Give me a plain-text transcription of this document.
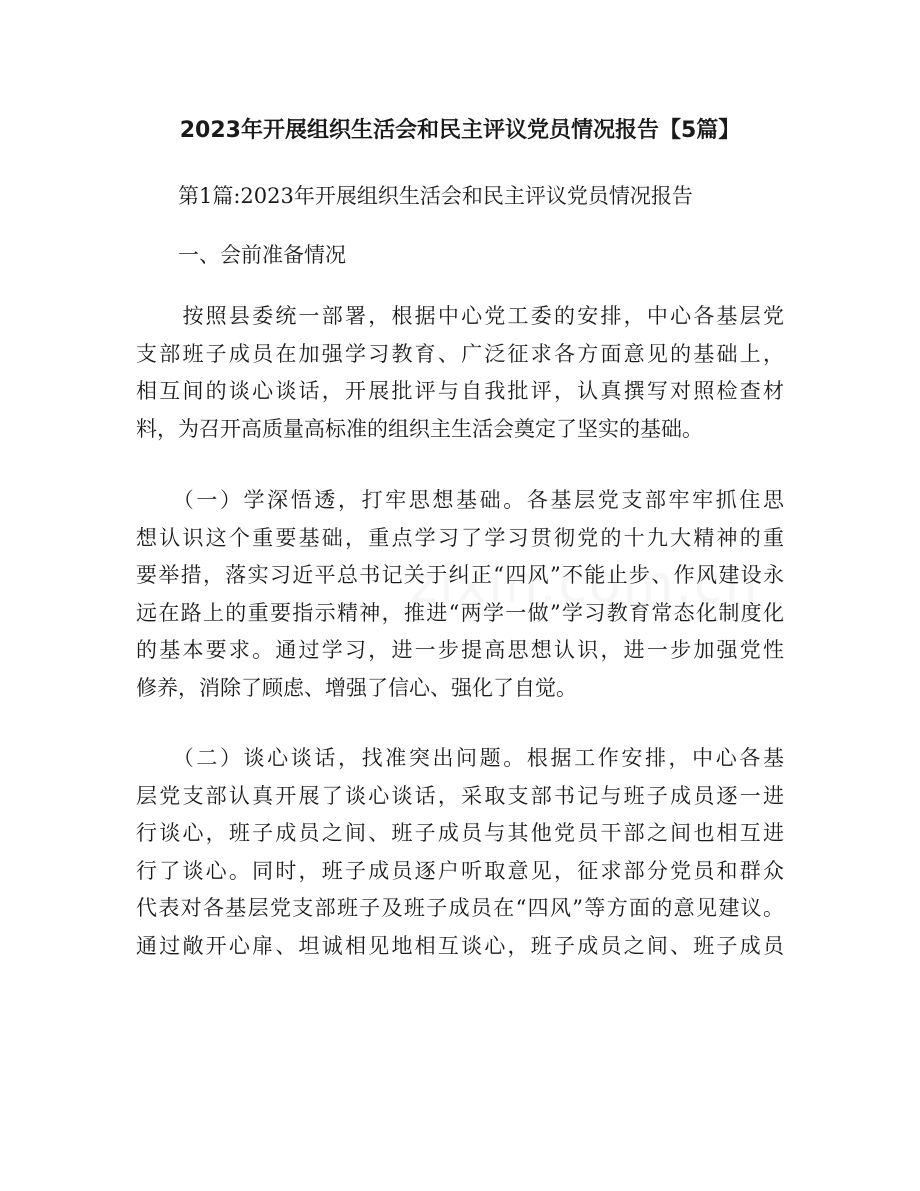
2023年开展组织生活会和民主评议党员情况报告【5篇】
第1篇:2023年开展组织生活会和民主评议党员情况报告
一、会前准备情况
　　按照县委统一部署，根据中心党工委的安排，中心各基层党
支部班子成员在加强学习教育、广泛征求各方面意见的基础上，
相互间的谈心谈话，开展批评与自我批评，认真撰写对照检查材
料，为召开高质量高标准的组织主生活会奠定了坚实的基础。
　　（一）学深悟透，打牢思想基础。各基层党支部牢牢抓住思
想认识这个重要基础，重点学习了学习贯彻党的十九大精神的重
要举措，落实习近平总书记关于纠正“四风”不能止步、作风建设永
远在路上的重要指示精神，推进“两学一做”学习教育常态化制度化
的基本要求。通过学习，进一步提高思想认识，进一步加强党性
修养，消除了顾虑、增强了信心、强化了自觉。
　　（二）谈心谈话，找准突出问题。根据工作安排，中心各基
层党支部认真开展了谈心谈话，采取支部书记与班子成员逐一进
行谈心，班子成员之间、班子成员与其他党员干部之间也相互进
行了谈心。同时，班子成员逐户听取意见，征求部分党员和群众
代表对各基层党支部班子及班子成员在“四风”等方面的意见建议。
通过敞开心扉、坦诚相见地相互谈心，班子成员之间、班子成员
